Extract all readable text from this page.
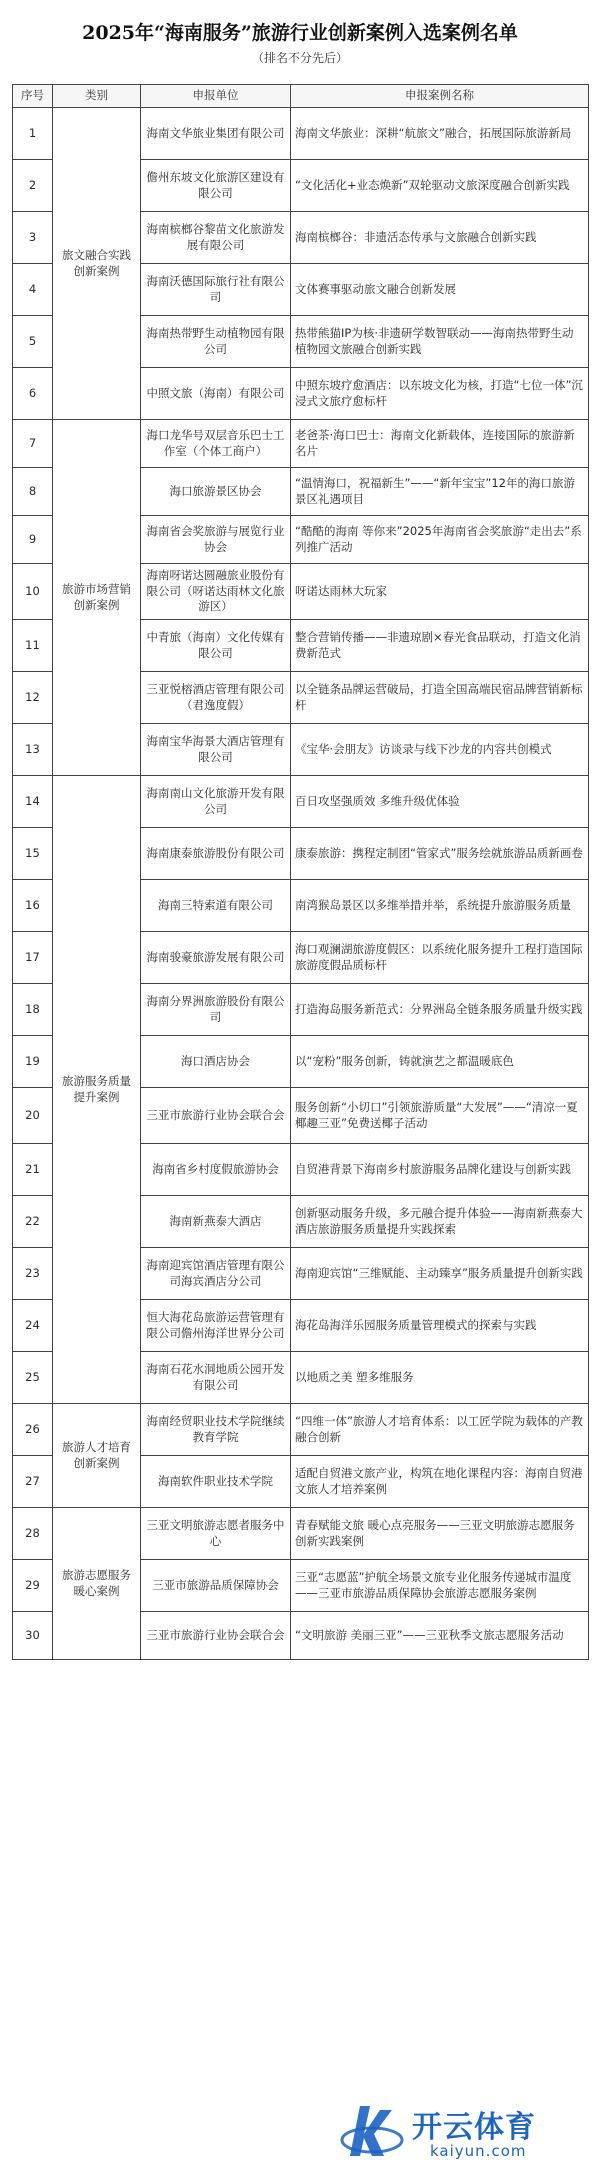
2025年“海南服务”旅游行业创新案例入选案例名单

（排名不分先后）

序号	类别	申报单位	申报案例名称
1	旅文融合实践创新案例	海南文华旅业集团有限公司	海南文华旅业：深耕“航旅文”融合，拓展国际旅游新局
2		儋州东坡文化旅游区建设有限公司	“文化活化+业态焕新”双轮驱动文旅深度融合创新实践
3		海南槟榔谷黎苗文化旅游发展有限公司	海南槟榔谷：非遗活态传承与文旅融合创新实践
4		海南沃德国际旅行社有限公司	文体赛事驱动旅文融合创新发展
5		海南热带野生动植物园有限公司	热带熊猫IP为核·非遗研学数智联动——海南热带野生动植物园文旅融合创新实践
6		中照文旅（海南）有限公司	中照东坡疗愈酒店：以东坡文化为核，打造“七位一体”沉浸式文旅疗愈标杆
7	旅游市场营销创新案例	海口龙华号双层音乐巴士工作室（个体工商户）	老爸茶·海口巴士：海南文化新载体，连接国际的旅游新名片
8		海口旅游景区协会	“温情海口，祝福新生”——“新年宝宝”12年的海口旅游景区礼遇项目
9		海南省会奖旅游与展览行业协会	“酷酷的海南 等你来”2025年海南省会奖旅游“走出去”系列推广活动
10		海南呀诺达圆融旅业股份有限公司（呀诺达雨林文化旅游区）	呀诺达雨林大玩家
11		中青旅（海南）文化传媒有限公司	整合营销传播——非遗琼剧×春光食品联动，打造文化消费新范式
12		三亚悦榕酒店管理有限公司（君逸度假）	以全链条品牌运营破局，打造全国高端民宿品牌营销新标杆
13		海南宝华海景大酒店管理有限公司	《宝华·会朋友》访谈录与线下沙龙的内容共创模式
14	旅游服务质量提升案例	海南南山文化旅游开发有限公司	百日攻坚强质效 多维升级优体验
15		海南康泰旅游股份有限公司	康泰旅游：携程定制团“管家式”服务绘就旅游品质新画卷
16		海南三特索道有限公司	南湾猴岛景区以多维举措并举，系统提升旅游服务质量
17		海南骏豪旅游发展有限公司	海口观澜湖旅游度假区：以系统化服务提升工程打造国际旅游度假品质标杆
18		海南分界洲旅游股份有限公司	打造海岛服务新范式：分界洲岛全链条服务质量升级实践
19		海口酒店协会	以“宠粉”服务创新，铸就演艺之都温暖底色
20		三亚市旅游行业协会联合会	服务创新“小切口”引领旅游质量“大发展”——“清凉一夏 椰趣三亚”免费送椰子活动
21		海南省乡村度假旅游协会	自贸港背景下海南乡村旅游服务品牌化建设与创新实践
22		海南新燕泰大酒店	创新驱动服务升级，多元融合提升体验——海南新燕泰大酒店旅游服务质量提升实践探索
23		海南迎宾馆酒店管理有限公司海宾酒店分公司	海南迎宾馆“三维赋能、主动臻享”服务质量提升创新实践
24		恒大海花岛旅游运营管理有限公司儋州海洋世界分公司	海花岛海洋乐园服务质量管理模式的探索与实践
25		海南石花水洞地质公园开发有限公司	以地质之美 塑多维服务
26	旅游人才培育创新案例	海南经贸职业技术学院继续教育学院	“四维一体”旅游人才培育体系：以工匠学院为载体的产教融合创新
27		海南软件职业技术学院	适配自贸港文旅产业，构筑在地化课程内容：海南自贸港文旅人才培养案例
28	旅游志愿服务暖心案例	三亚文明旅游志愿者服务中心	青春赋能文旅 暖心点亮服务——三亚文明旅游志愿服务创新实践案例
29		三亚市旅游品质保障协会	三亚“志愿蓝”护航全场景文旅专业化服务传递城市温度——三亚市旅游品质保障协会旅游志愿服务案例
30		三亚市旅游行业协会联合会	“文明旅游 美丽三亚”——三亚秋季文旅志愿服务活动
开云体育
kaiyun.com
